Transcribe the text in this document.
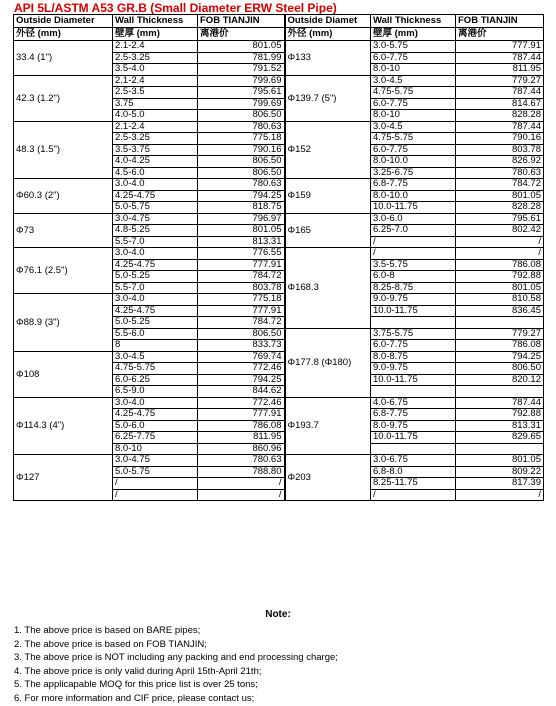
API 5L/ASTM A53 GR.B (Small Diameter ERW Steel Pipe)
Outside Diameter	Wall Thickness	FOB TIANJIN	Outside Diamet	Wall Thickness	FOB TIANJIN
外径 (mm)	壁厚 (mm)	离港价	外径 (mm)	壁厚 (mm)	离港价
33.4 (1")	2.1-2.4	801.05	Φ133	3.0-5.75	777.91
	2.5-3.25	781.99		6.0-7.75	787.44
	3.5-4.0	791.52		8.0-10	811.95
42.3 (1.2")	2.1-2.4	799.69	Φ139.7 (5")	3.0-4.5	779.27
	2.5-3.5	795.61		4.75-5.75	787.44
	3.75	799.69		6.0-7.75	814.67
	4.0-5.0	806.50		8.0-10	828.28
48.3 (1.5")	2.1-2.4	780.63	Φ152	3.0-4.5	787.44
	2.5-3.25	775.18		4.75-5.75	790.16
	3.5-3.75	790.16		6.0-7.75	803.78
	4.0-4.25	806.50		8.0-10.0	826.92
	4.5-6.0	806.50		3.25-6.75	780.63
Φ60.3 (2")	3.0-4.0	780.63	Φ159	6.8-7.75	784.72
	4.25-4.75	794.25		8.0-10.0	801.05
	5.0-5.75	818.75		10.0-11.75	828.28
Φ73	3.0-4.75	796.97	Φ165	3.0-6.0	795.61
	4.8-5.25	801.05		6.25-7.0	802.42
	5.5-7.0	813.31		/	/
Φ76.1 (2.5")	3.0-4.0	776.55	Φ168.3	/	/
	4.25-4.75	777.91		3.5-5.75	786.08
	5.0-5.25	784.72		6.0-8	792.88
	5.5-7.0	803.78		8.25-8.75	801.05
Φ88.9 (3")	3.0-4.0	775.18		9.0-9.75	810.58
	4.25-4.75	777.91		10.0-11.75	836.45
	5.0-5.25	784.72			
	5.5-6.0	806.50	Φ177.8 (Φ180)	3.75-5.75	779.27
	8	833.73		6.0-7.75	786.08
Φ108	3.0-4.5	769.74		8.0-8.75	794.25
	4.75-5.75	772.46		9.0-9.75	806.50
	6.0-6.25	794.25		10.0-11.75	820.12
	6.5-9.0	844.62			
Φ114.3 (4")	3.0-4.0	772.46	Φ193.7	4.0-6.75	787.44
	4.25-4.75	777.91		6.8-7.75	792.88
	5.0-6.0	786.08		8.0-9.75	813.31
	6.25-7.75	811.95		10.0-11.75	829.65
	8.0-10	860.96			
Φ127	3.0-4.75	780.63	Φ203	3.0-6.75	801.05
	5.0-5.75	788.80		6.8-8.0	809.22
	/	/		8.25-11.75	817.39
	/	/		/	/
Note:
1. The above price is based on BARE pipes;
2. The above price is based on FOB TIANJIN;
3. The above price is NOT including any packing and end processing charge;
4. The above price is only valid during April 15th-April 21th;
5. The applicapable MOQ for this price list is over 25 tons;
6. For more information and CIF price, please contact us;
